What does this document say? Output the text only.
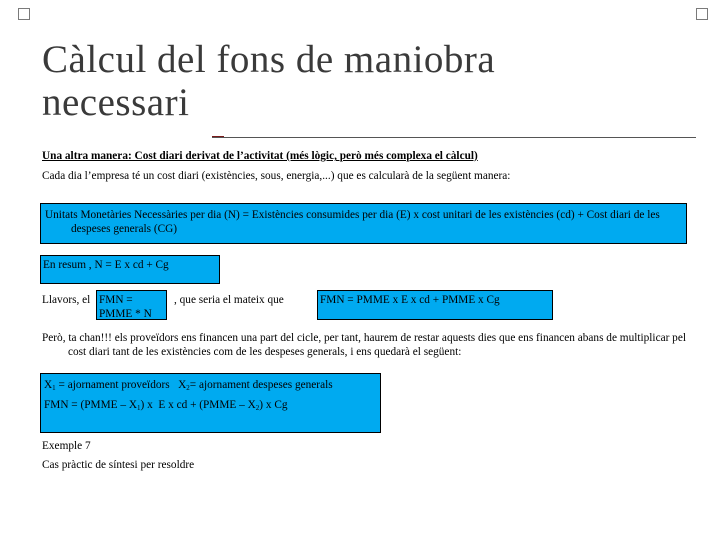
Càlcul del fons de maniobra
necessari
Una altra manera: Cost diari derivat de l’activitat (més lògic, però més complexa el càlcul)
Cada dia l’empresa té un cost diari (existències, sous, energia,...) que es calcularà de la següent manera:
Unitats Monetàries Necessàries per dia (N) = Existències consumides per dia (E) x cost unitari de les existències (cd) + Cost diari de les despeses generals (CG)
En resum , N = E x cd + Cg
Llavors, el FMN = PMME * N
, que seria el mateix que	FMN = PMME x E x cd + PMME x Cg
Però, ta chan!!! els proveïdors ens financen una part del cicle, per tant, haurem de restar aquests dies que ens financen abans de multiplicar pel cost diari tant de les existències com de les despeses generals, i ens quedarà el següent:
$X_1$ = ajornament proveïdors   $X_2=$ ajornament despeses generals
FMN = (PMME – $X_1$) x  E x cd + (PMME – $X_2$) x Cg
Exemple 7
Cas pràctic de síntesi per resoldre
